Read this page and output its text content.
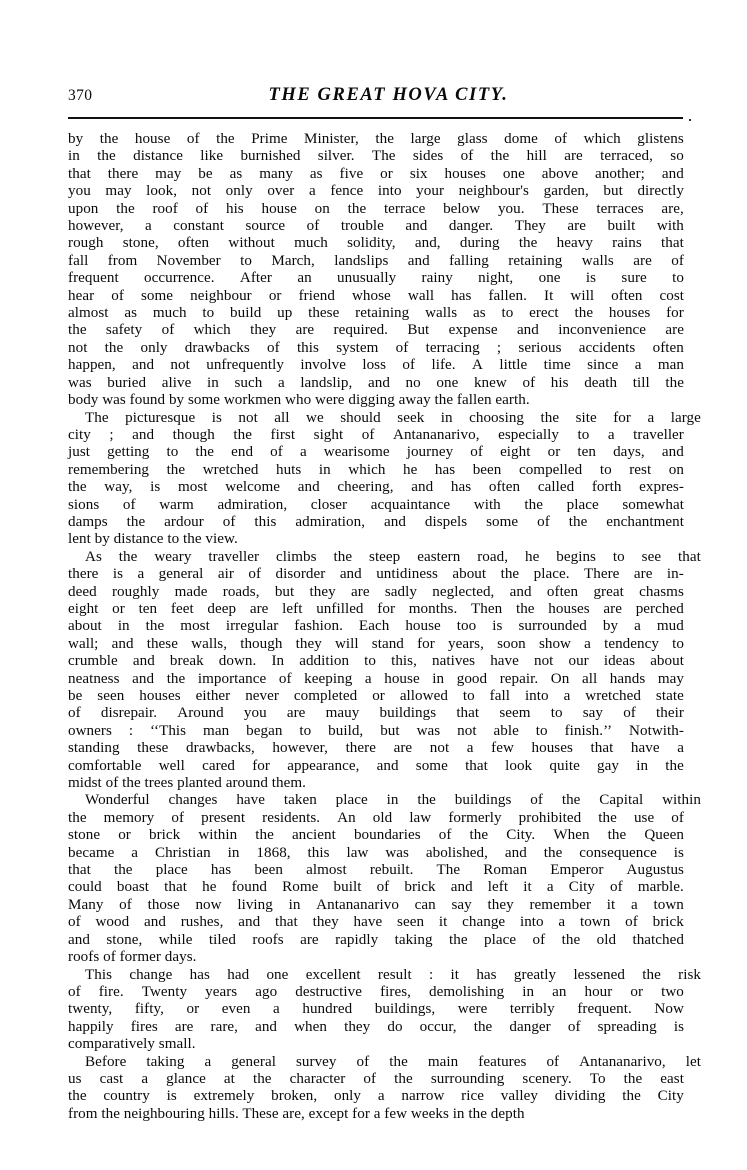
370	THE GREAT HOVA CITY.
by the house of the Prime Minister, the large glass dome of which glistens
in the distance like burnished silver. The sides of the hill are terraced, so
that there may be as many as five or six houses one above another; and
you may look, not only over a fence into your neighbour's garden, but directly
upon the roof of his house on the terrace below you. These terraces are,
however, a constant source of trouble and danger. They are built with
rough stone, often without much solidity, and, during the heavy rains that
fall from November to March, landslips and falling retaining walls are of
frequent occurrence. After an unusually rainy night, one is sure to
hear of some neighbour or friend whose wall has fallen. It will often cost
almost as much to build up these retaining walls as to erect the houses for
the safety of which they are required. But expense and inconvenience are
not the only drawbacks of this system of terracing ; serious accidents often
happen, and not unfrequently involve loss of life. A little time since a man
was buried alive in such a landslip, and no one knew of his death till the
body was found by some workmen who were digging away the fallen earth.
The picturesque is not all we should seek in choosing the site for a large
city ; and though the first sight of Antananarivo, especially to a traveller
just getting to the end of a wearisome journey of eight or ten days, and
remembering the wretched huts in which he has been compelled to rest on
the way, is most welcome and cheering, and has often called forth expres-
sions of warm admiration, closer acquaintance with the place somewhat
damps the ardour of this admiration, and dispels some of the enchantment
lent by distance to the view.
As the weary traveller climbs the steep eastern road, he begins to see that
there is a general air of disorder and untidiness about the place. There are in-
deed roughly made roads, but they are sadly neglected, and often great chasms
eight or ten feet deep are left unfilled for months. Then the houses are perched
about in the most irregular fashion. Each house too is surrounded by a mud
wall; and these walls, though they will stand for years, soon show a tendency to
crumble and break down. In addition to this, natives have not our ideas about
neatness and the importance of keeping a house in good repair. On all hands may
be seen houses either never completed or allowed to fall into a wretched state
of disrepair. Around you are mauy buildings that seem to say of their
owners : ‘‘This man began to build, but was not able to finish.’’ Notwith-
standing these drawbacks, however, there are not a few houses that have a
comfortable well cared for appearance, and some that look quite gay in the
midst of the trees planted around them.
Wonderful changes have taken place in the buildings of the Capital within
the memory of present residents. An old law formerly prohibited the use of
stone or brick within the ancient boundaries of the City. When the Queen
became a Christian in 1868, this law was abolished, and the consequence is
that the place has been almost rebuilt. The Roman Emperor Augustus
could boast that he found Rome built of brick and left it a City of marble.
Many of those now living in Antananarivo can say they remember it a town
of wood and rushes, and that they have seen it change into a town of brick
and stone, while tiled roofs are rapidly taking the place of the old thatched
roofs of former days.
This change has had one excellent result : it has greatly lessened the risk
of fire. Twenty years ago destructive fires, demolishing in an hour or two
twenty, fifty, or even a hundred buildings, were terribly frequent. Now
happily fires are rare, and when they do occur, the danger of spreading is
comparatively small.
Before taking a general survey of the main features of Antananarivo, let
us cast a glance at the character of the surrounding scenery. To the east
the country is extremely broken, only a narrow rice valley dividing the City
from the neighbouring hills. These are, except for a few weeks in the depth
